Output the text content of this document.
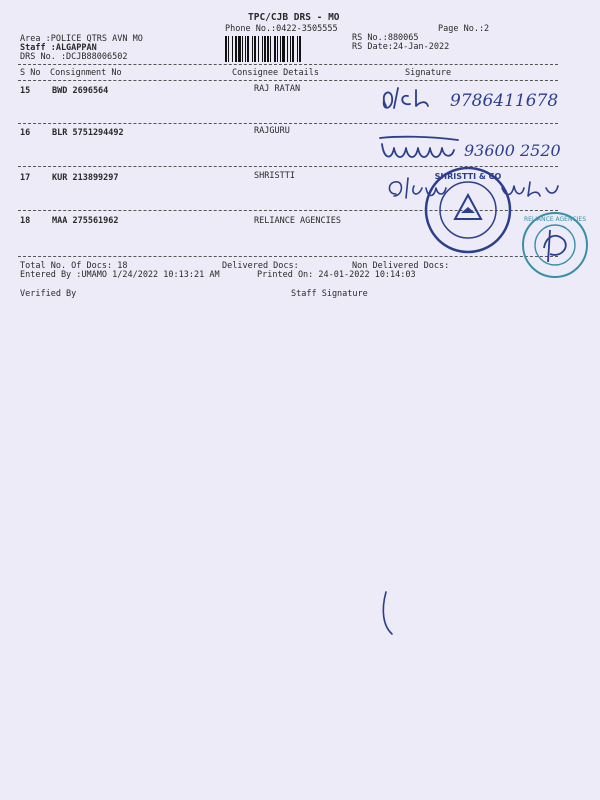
TPC/CJB DRS - MO
Phone No.:0422-3505555	Page No.:2
Area :POLICE QTRS AVN MO
Staff :ALGAPPAN
DRS No. :DCJB88006502
RS No.:880065
RS Date:24-Jan-2022
S No Consignment No	Consignee Details	Signature
15	BWD 2696564	RAJ RATAN
16	BLR 5751294492	RAJGURU
17	KUR 213899297	SHRISTTI
18	MAA 275561962	RELIANCE AGENCIES
Total No. Of Docs: 18	Delivered Docs:	Non Delivered Docs:
Entered By :UMAMO 1/24/2022 10:13:21 AM	Printed On: 24-01-2022 10:14:03
Verified By	Staff Signature
9786411678
93600 2520
SHRISTTI & CO
RELIANCE AGENCIES
